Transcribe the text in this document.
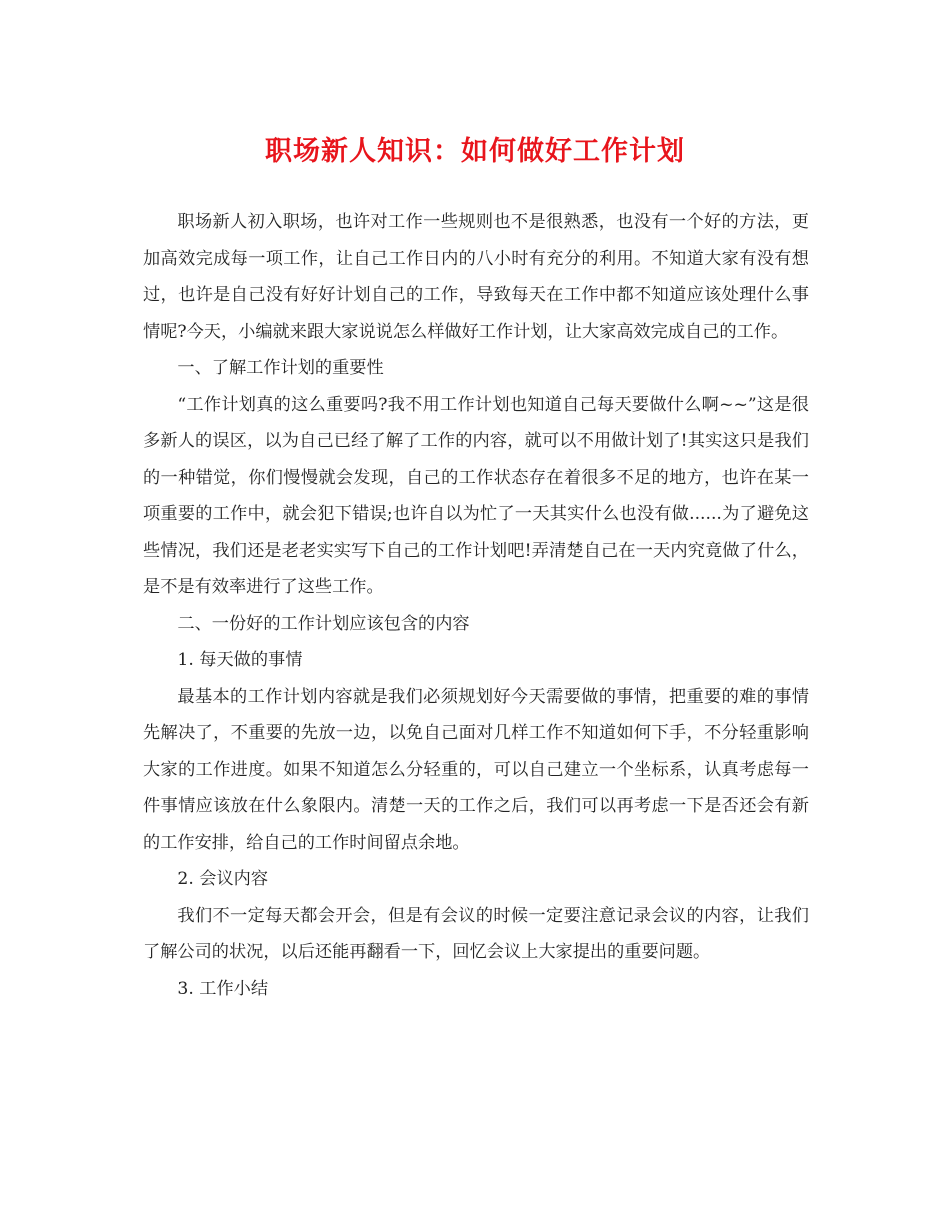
职场新人知识：如何做好工作计划

职场新人初入职场，也许对工作一些规则也不是很熟悉，也没有一个好的方法，更加高效完成每一项工作，让自己工作日内的八小时有充分的利用。不知道大家有没有想过，也许是自己没有好好计划自己的工作，导致每天在工作中都不知道应该处理什么事情呢?今天，小编就来跟大家说说怎么样做好工作计划，让大家高效完成自己的工作。

一、了解工作计划的重要性

“工作计划真的这么重要吗?我不用工作计划也知道自己每天要做什么啊~~”这是很多新人的误区，以为自己已经了解了工作的内容，就可以不用做计划了!其实这只是我们的一种错觉，你们慢慢就会发现，自己的工作状态存在着很多不足的地方，也许在某一项重要的工作中，就会犯下错误;也许自以为忙了一天其实什么也没有做......为了避免这些情况，我们还是老老实实写下自己的工作计划吧!弄清楚自己在一天内究竟做了什么，是不是有效率进行了这些工作。

二、一份好的工作计划应该包含的内容

1. 每天做的事情

最基本的工作计划内容就是我们必须规划好今天需要做的事情，把重要的难的事情先解决了，不重要的先放一边，以免自己面对几样工作不知道如何下手，不分轻重影响大家的工作进度。如果不知道怎么分轻重的，可以自己建立一个坐标系，认真考虑每一件事情应该放在什么象限内。清楚一天的工作之后，我们可以再考虑一下是否还会有新的工作安排，给自己的工作时间留点余地。

2. 会议内容

我们不一定每天都会开会，但是有会议的时候一定要注意记录会议的内容，让我们了解公司的状况，以后还能再翻看一下，回忆会议上大家提出的重要问题。

3. 工作小结
